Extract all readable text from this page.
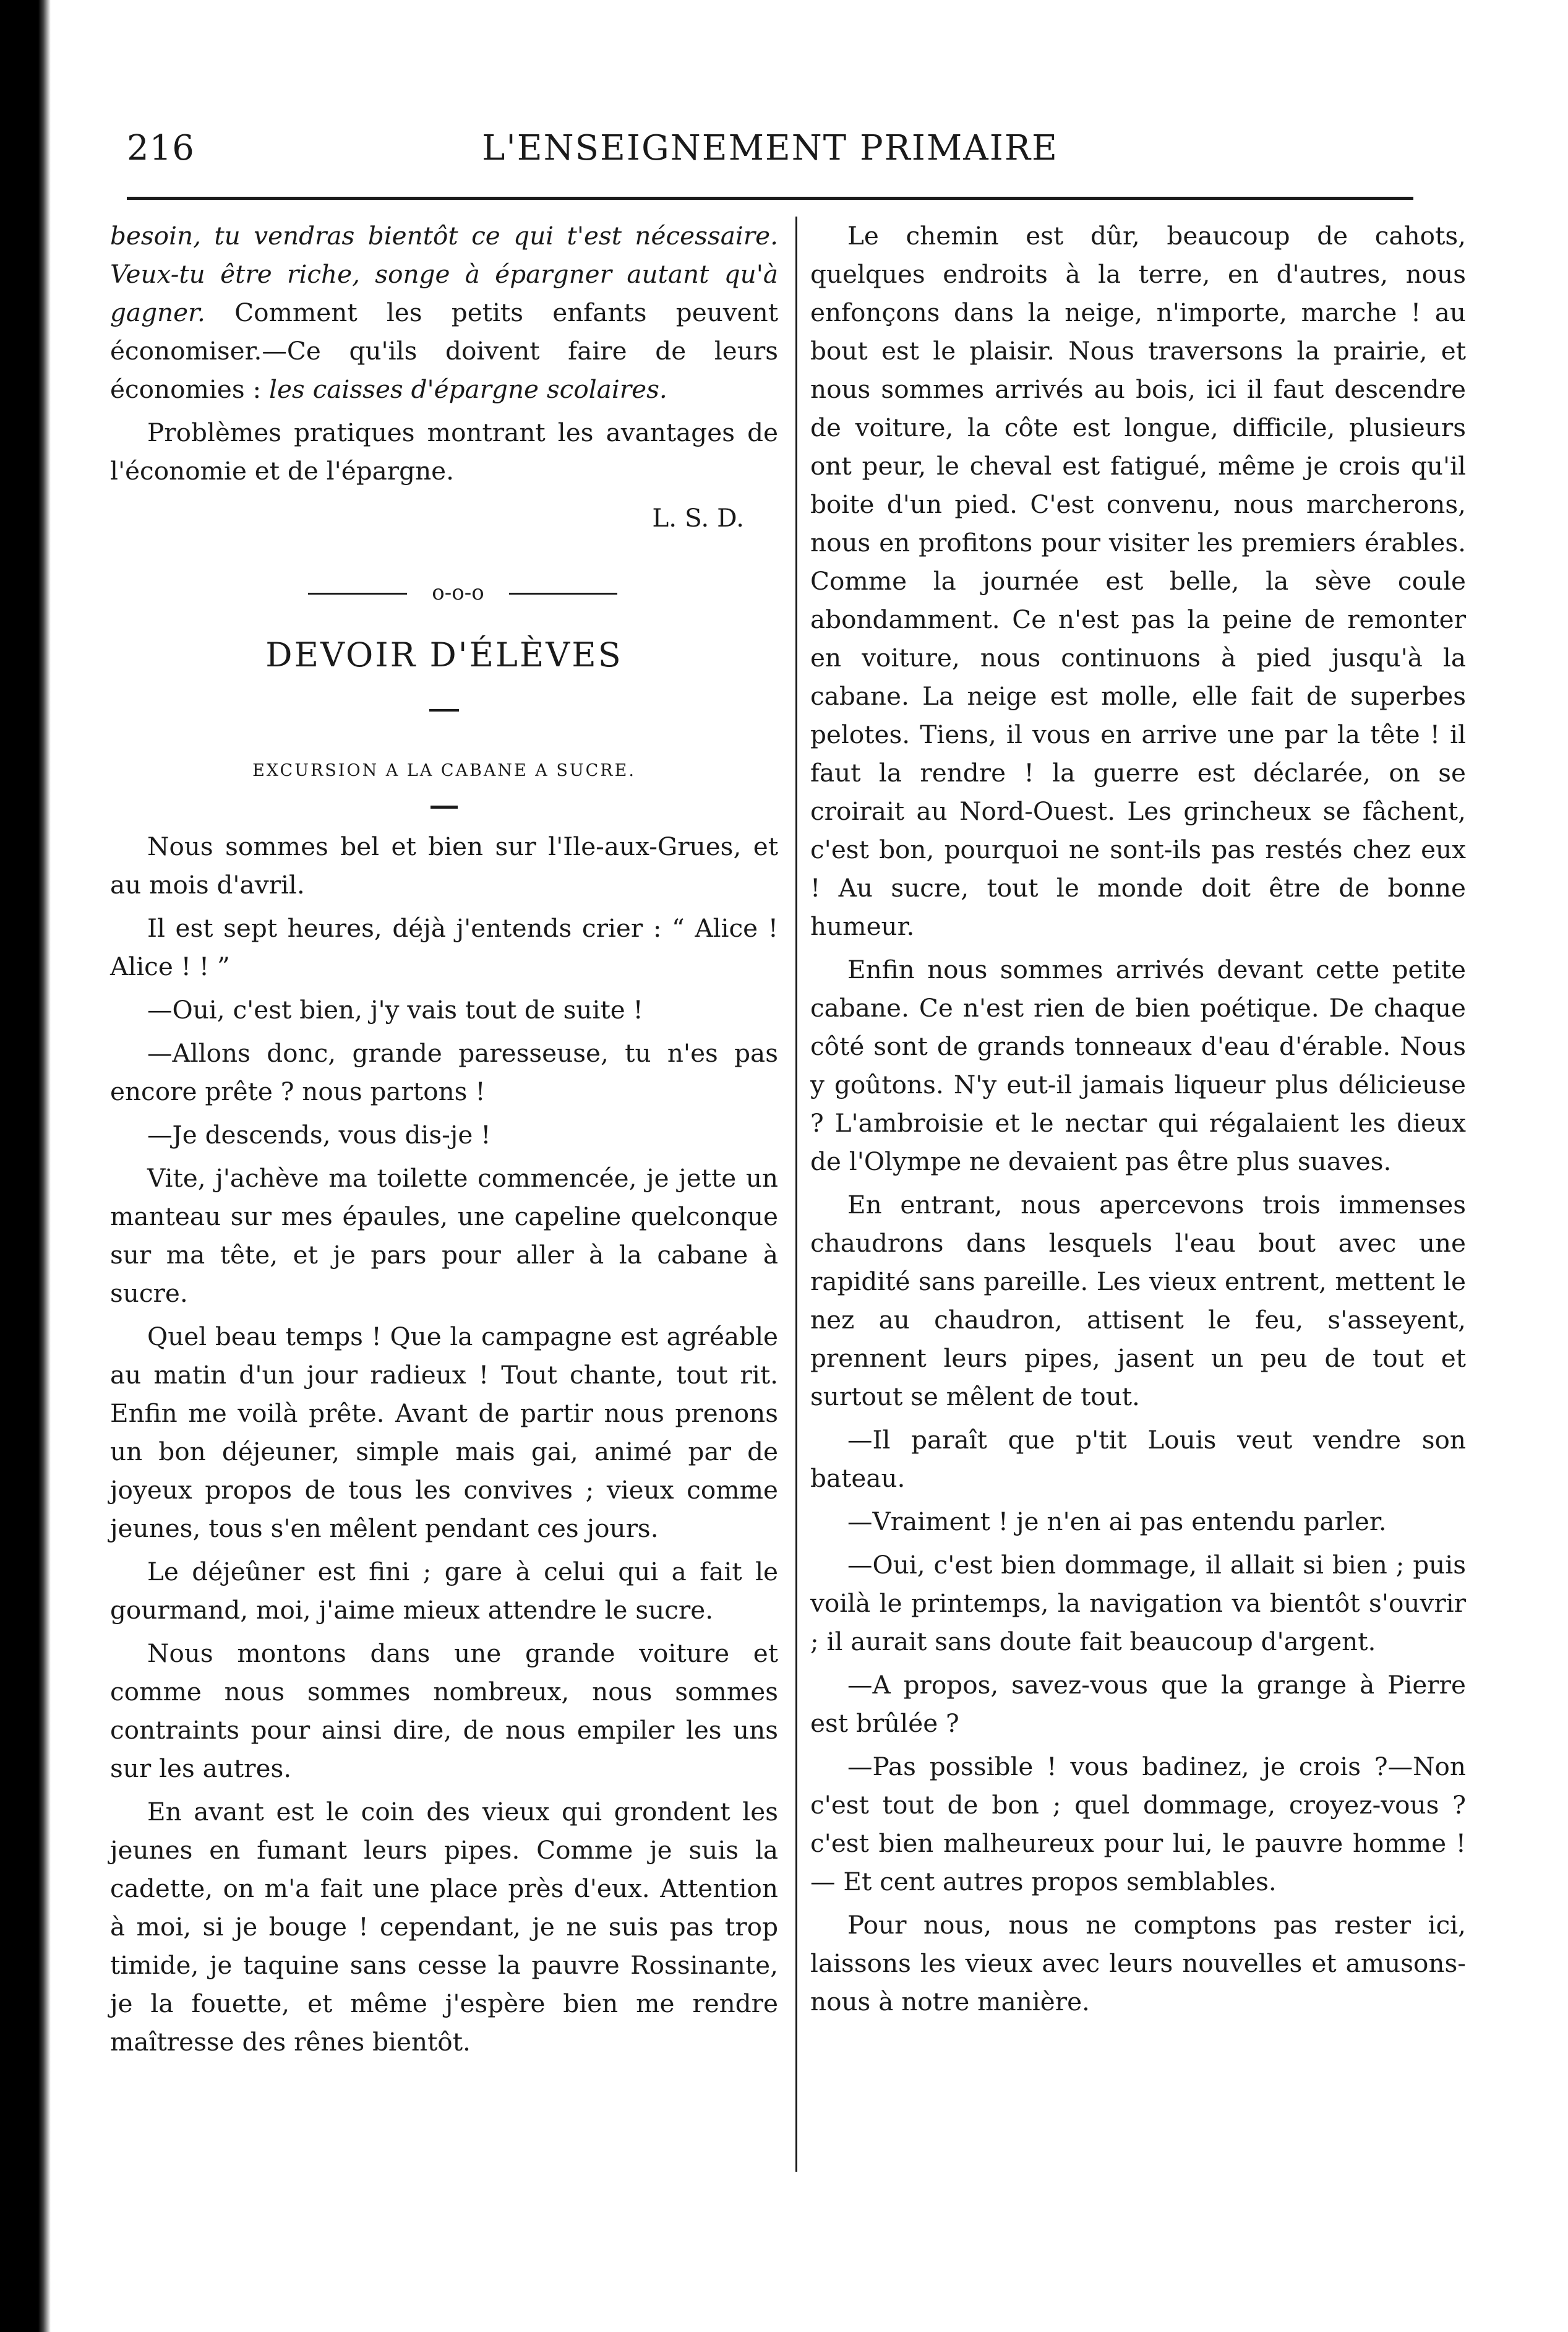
216	L'ENSEIGNEMENT PRIMAIRE

besoin, tu vendras bientôt ce qui t'est nécessaire. Veux-tu être riche, songe à épargner autant qu'à gagner. Comment les petits enfants peuvent économiser.—Ce qu'ils doivent faire de leurs économies : les caisses d'épargne scolaires.

Problèmes pratiques montrant les avantages de l'économie et de l'épargne.

L. S. D.

o-o-o
DEVOIR D'ÉLÈVES
EXCURSION A LA CABANE A SUCRE.

Nous sommes bel et bien sur l'Ile-aux-Grues, et au mois d'avril.

Il est sept heures, déjà j'entends crier : “ Alice ! Alice ! ! ”

—Oui, c'est bien, j'y vais tout de suite !

—Allons donc, grande paresseuse, tu n'es pas encore prête ? nous partons !

—Je descends, vous dis-je !

Vite, j'achève ma toilette commencée, je jette un manteau sur mes épaules, une capeline quelconque sur ma tête, et je pars pour aller à la cabane à sucre.

Quel beau temps ! Que la campagne est agréable au matin d'un jour radieux ! Tout chante, tout rit. Enfin me voilà prête. Avant de partir nous prenons un bon déjeuner, simple mais gai, animé par de joyeux propos de tous les convives ; vieux comme jeunes, tous s'en mêlent pendant ces jours.

Le déjeûner est fini ; gare à celui qui a fait le gourmand, moi, j'aime mieux attendre le sucre.

Nous montons dans une grande voiture et comme nous sommes nombreux, nous sommes contraints pour ainsi dire, de nous empiler les uns sur les autres.

En avant est le coin des vieux qui grondent les jeunes en fumant leurs pipes. Comme je suis la cadette, on m'a fait une place près d'eux. Attention à moi, si je bouge ! cependant, je ne suis pas trop timide, je taquine sans cesse la pauvre Rossinante, je la fouette, et même j'espère bien me rendre maîtresse des rênes bientôt.

Le chemin est dûr, beaucoup de cahots, quelques endroits à la terre, en d'autres, nous enfonçons dans la neige, n'importe, marche ! au bout est le plaisir. Nous traversons la prairie, et nous sommes arrivés au bois, ici il faut descendre de voiture, la côte est longue, difficile, plusieurs ont peur, le cheval est fatigué, même je crois qu'il boite d'un pied. C'est convenu, nous marcherons, nous en profitons pour visiter les premiers érables. Comme la journée est belle, la sève coule abondamment. Ce n'est pas la peine de remonter en voiture, nous continuons à pied jusqu'à la cabane. La neige est molle, elle fait de superbes pelotes. Tiens, il vous en arrive une par la tête ! il faut la rendre ! la guerre est déclarée, on se croirait au Nord-Ouest. Les grincheux se fâchent, c'est bon, pourquoi ne sont-ils pas restés chez eux ! Au sucre, tout le monde doit être de bonne humeur.

Enfin nous sommes arrivés devant cette petite cabane. Ce n'est rien de bien poétique. De chaque côté sont de grands tonneaux d'eau d'érable. Nous y goûtons. N'y eut-il jamais liqueur plus délicieuse ? L'ambroisie et le nectar qui régalaient les dieux de l'Olympe ne devaient pas être plus suaves.

En entrant, nous apercevons trois immenses chaudrons dans lesquels l'eau bout avec une rapidité sans pareille. Les vieux entrent, mettent le nez au chaudron, attisent le feu, s'asseyent, prennent leurs pipes, jasent un peu de tout et surtout se mêlent de tout.

—Il paraît que p'tit Louis veut vendre son bateau.

—Vraiment ! je n'en ai pas entendu parler.

—Oui, c'est bien dommage, il allait si bien ; puis voilà le printemps, la navigation va bientôt s'ouvrir ; il aurait sans doute fait beaucoup d'argent.

—A propos, savez-vous que la grange à Pierre est brûlée ?

—Pas possible ! vous badinez, je crois ?—Non c'est tout de bon ; quel dommage, croyez-vous ? c'est bien malheureux pour lui, le pauvre homme ! — Et cent autres propos semblables.

Pour nous, nous ne comptons pas rester ici, laissons les vieux avec leurs nouvelles et amusons-nous à notre manière.
